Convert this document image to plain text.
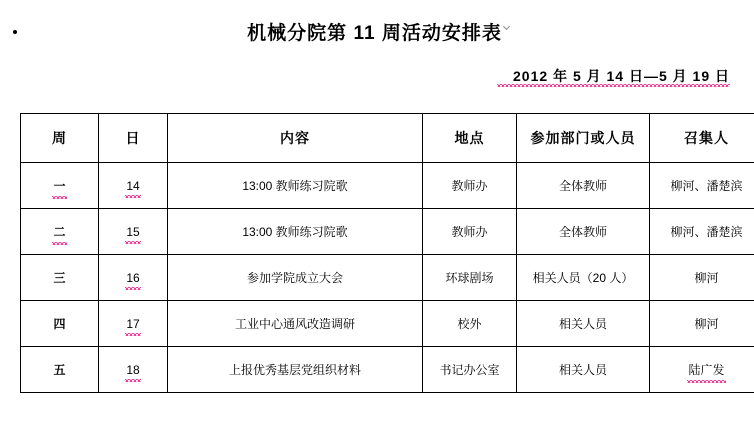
机械分院第 11 周活动安排表
2012 年 5 月 14 日—5 月 19 日
周	日	内容	地点	参加部门或人员	召集人
一	14	13:00 教师练习院歌	教师办	全体教师	柳河、潘楚滨
二	15	13:00 教师练习院歌	教师办	全体教师	柳河、潘楚滨
三	16	参加学院成立大会	环球剧场	相关人员（20 人）	柳河
四	17	工业中心通风改造调研	校外	相关人员	柳河
五	18	上报优秀基层党组织材料	书记办公室	相关人员	陆广发
